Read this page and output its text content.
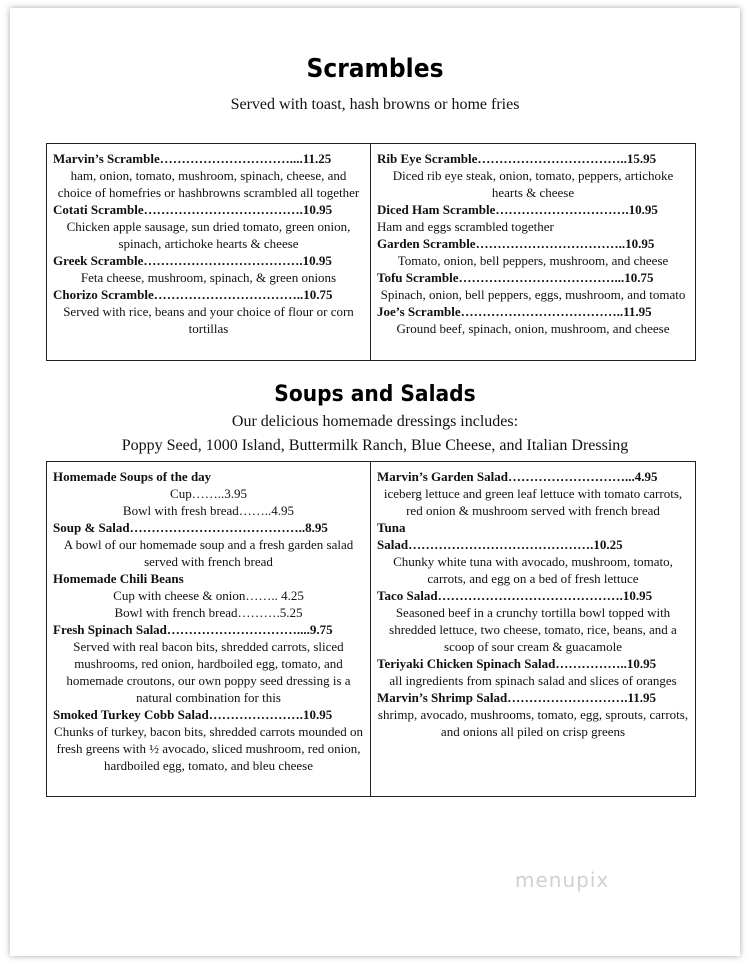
Scrambles
Served with toast, hash browns or home fries
Marvin’s Scramble…………………………....11.25
ham, onion, tomato, mushroom, spinach, cheese, and choice of homefries or hashbrowns scrambled all together
Cotati Scramble……………………………….10.95
Chicken apple sausage, sun dried tomato, green onion, spinach, artichoke hearts & cheese
Greek Scramble……………………………….10.95
Feta cheese, mushroom, spinach, & green onions
Chorizo Scramble……………………………..10.75
Served with rice, beans and your choice of flour or corn tortillas
Rib Eye Scramble……………………………..15.95
Diced rib eye steak, onion, tomato, peppers, artichoke hearts & cheese
Diced Ham Scramble………………………….10.95
Ham and eggs scrambled together
Garden Scramble……………………………..10.95
Tomato, onion, bell peppers, mushroom, and cheese
Tofu Scramble………………………………...10.75
Spinach, onion, bell peppers, eggs, mushroom, and tomato
Joe’s Scramble………………………………..11.95
Ground beef, spinach, onion, mushroom, and cheese
Soups and Salads
Our delicious homemade dressings includes:
Poppy Seed, 1000 Island, Buttermilk Ranch, Blue Cheese, and Italian Dressing
Homemade Soups of the day
Cup……..3.95
Bowl with fresh bread……..4.95
Soup & Salad…………………………………..8.95
A bowl of our homemade soup and a fresh garden salad served with french bread
Homemade Chili Beans
Cup with cheese & onion…….. 4.25
Bowl with french bread……….5.25
Fresh Spinach Salad…………………………....9.75
Served with real bacon bits, shredded carrots, sliced mushrooms, red onion, hardboiled egg, tomato, and homemade croutons, our own poppy seed dressing is a natural combination for this
Smoked Turkey Cobb Salad………………….10.95
Chunks of turkey, bacon bits, shredded carrots mounded on fresh greens with ½ avocado, sliced mushroom, red onion, hardboiled egg, tomato, and bleu cheese
Marvin’s Garden Salad………………………...4.95
iceberg lettuce and green leaf lettuce with tomato carrots, red onion & mushroom served with french bread
Tuna
Salad…………………………………….10.25
Chunky white tuna with avocado, mushroom, tomato, carrots, and egg on a bed of fresh lettuce
Taco Salad…………………………………….10.95
Seasoned beef in a crunchy tortilla bowl topped with shredded lettuce, two cheese, tomato, rice, beans, and a scoop of sour cream & guacamole
Teriyaki Chicken Spinach Salad……………..10.95
all ingredients from spinach salad and slices of oranges
Marvin’s Shrimp Salad……………………….11.95
shrimp, avocado, mushrooms, tomato, egg, sprouts, carrots, and onions all piled on crisp greens
menupix
